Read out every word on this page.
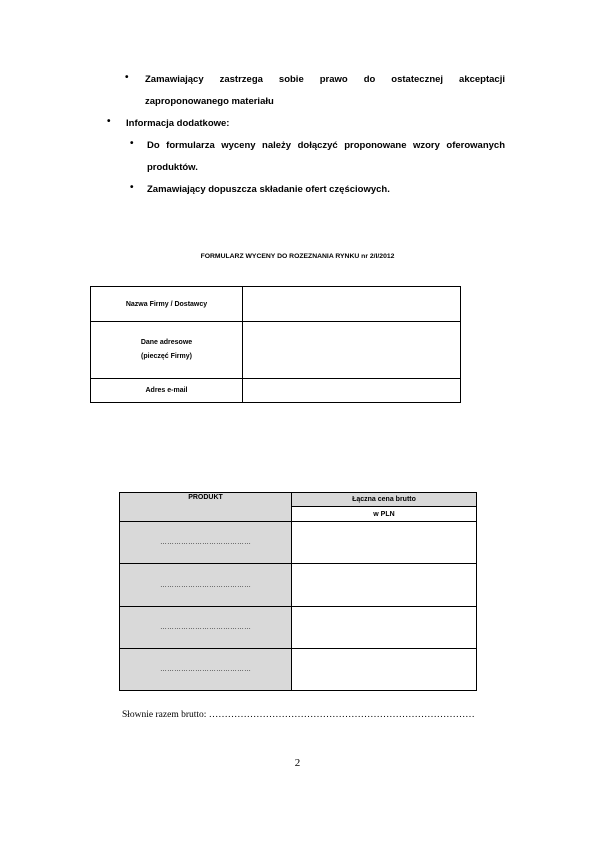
• Zamawiający zastrzega sobie prawo do ostatecznej akceptacji
zaproponowanego materiału
• Informacja dodatkowe:
• Do formularza wyceny należy dołączyć proponowane wzory oferowanych
produktów.
• Zamawiający dopuszcza składanie ofert częściowych.
FORMULARZ WYCENY DO ROZEZNANIA RYNKU nr 2/I/2012
Nazwa Firmy / Dostawcy	

Dane adresowe
(pieczęć Firmy)	

Adres e-mail	
PRODUKT	Łączna cena brutto
	w PLN
…………………………………	
…………………………………	
…………………………………	
…………………………………	
Słownie razem brutto: …………………………………………………………………………
2
